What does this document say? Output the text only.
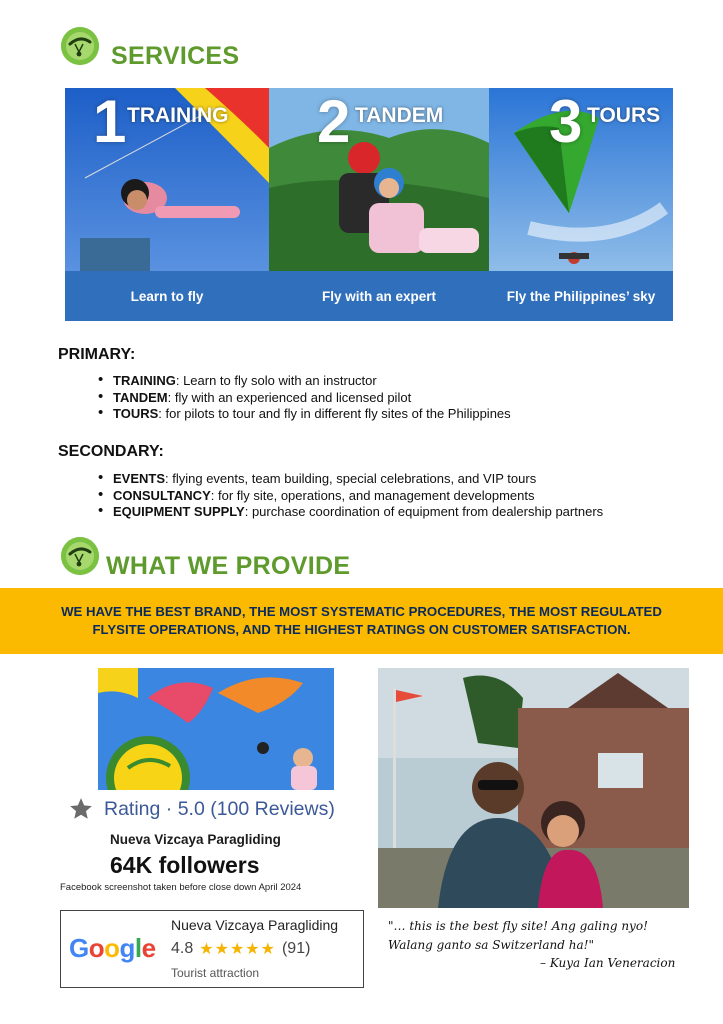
SERVICES
1 TRAINING
Learn to fly
2 TANDEM
Fly with an expert
3 TOURS
Fly the Philippines’ sky
PRIMARY:
• TRAINING: Learn to fly solo with an instructor
• TANDEM: fly with an experienced and licensed pilot
• TOURS: for pilots to tour and fly in different fly sites of the Philippines
SECONDARY:
• EVENTS: flying events, team building, special celebrations, and VIP tours
• CONSULTANCY: for fly site, operations, and management developments
• EQUIPMENT SUPPLY: purchase coordination of equipment from dealership partners
WHAT WE PROVIDE
WE HAVE THE BEST BRAND, THE MOST SYSTEMATIC PROCEDURES, THE MOST REGULATED
FLYSITE OPERATIONS, AND THE HIGHEST RATINGS ON CUSTOMER SATISFACTION.
Rating · 5.0 (100 Reviews)
Nueva Vizcaya Paragliding
64K followers
Facebook screenshot taken before close down April 2024
Google
Nueva Vizcaya Paragliding
4.8 ★★★★★ (91)
Tourist attraction
"… this is the best fly site! Ang galing nyo!
Walang ganto sa Switzerland ha!"
– Kuya Ian Veneracion
